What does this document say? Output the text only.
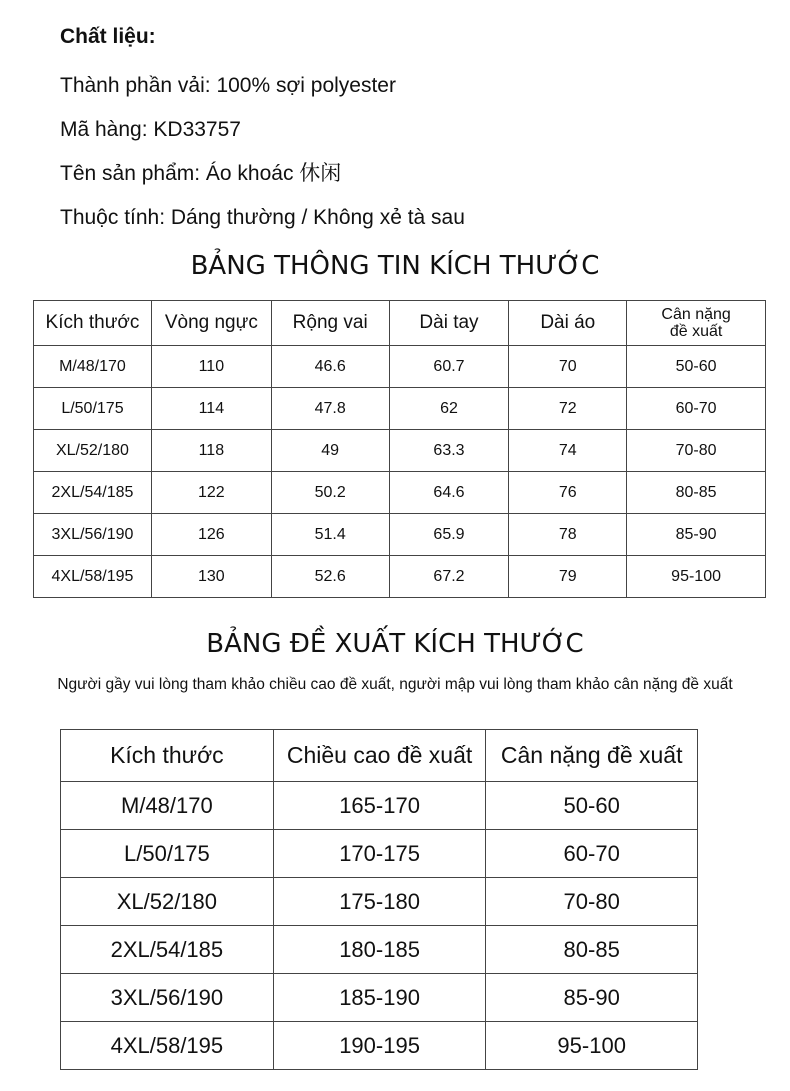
Chất liệu:
Thành phần vải: 100% sợi polyester
Mã hàng: KD33757
Tên sản phẩm: Áo khoác 休闲
Thuộc tính: Dáng thường / Không xẻ tà sau
BẢNG THÔNG TIN KÍCH THƯỚC
Kích thước	Vòng ngực	Rộng vai	Dài tay	Dài áo	Cân nặng
đề xuất

M/48/170	110	46.6	60.7	70	50-60
L/50/175	114	47.8	62	72	60-70
XL/52/180	118	49	63.3	74	70-80
2XL/54/185	122	50.2	64.6	76	80-85
3XL/56/190	126	51.4	65.9	78	85-90
4XL/58/195	130	52.6	67.2	79	95-100
BẢNG ĐỀ XUẤT KÍCH THƯỚC
Người gầy vui lòng tham khảo chiều cao đề xuất, người mập vui lòng tham khảo cân nặng đề xuất
Kích thước	Chiều cao đề xuất	Cân nặng đề xuất
M/48/170	165-170	50-60
L/50/175	170-175	60-70
XL/52/180	175-180	70-80
2XL/54/185	180-185	80-85
3XL/56/190	185-190	85-90
4XL/58/195	190-195	95-100
